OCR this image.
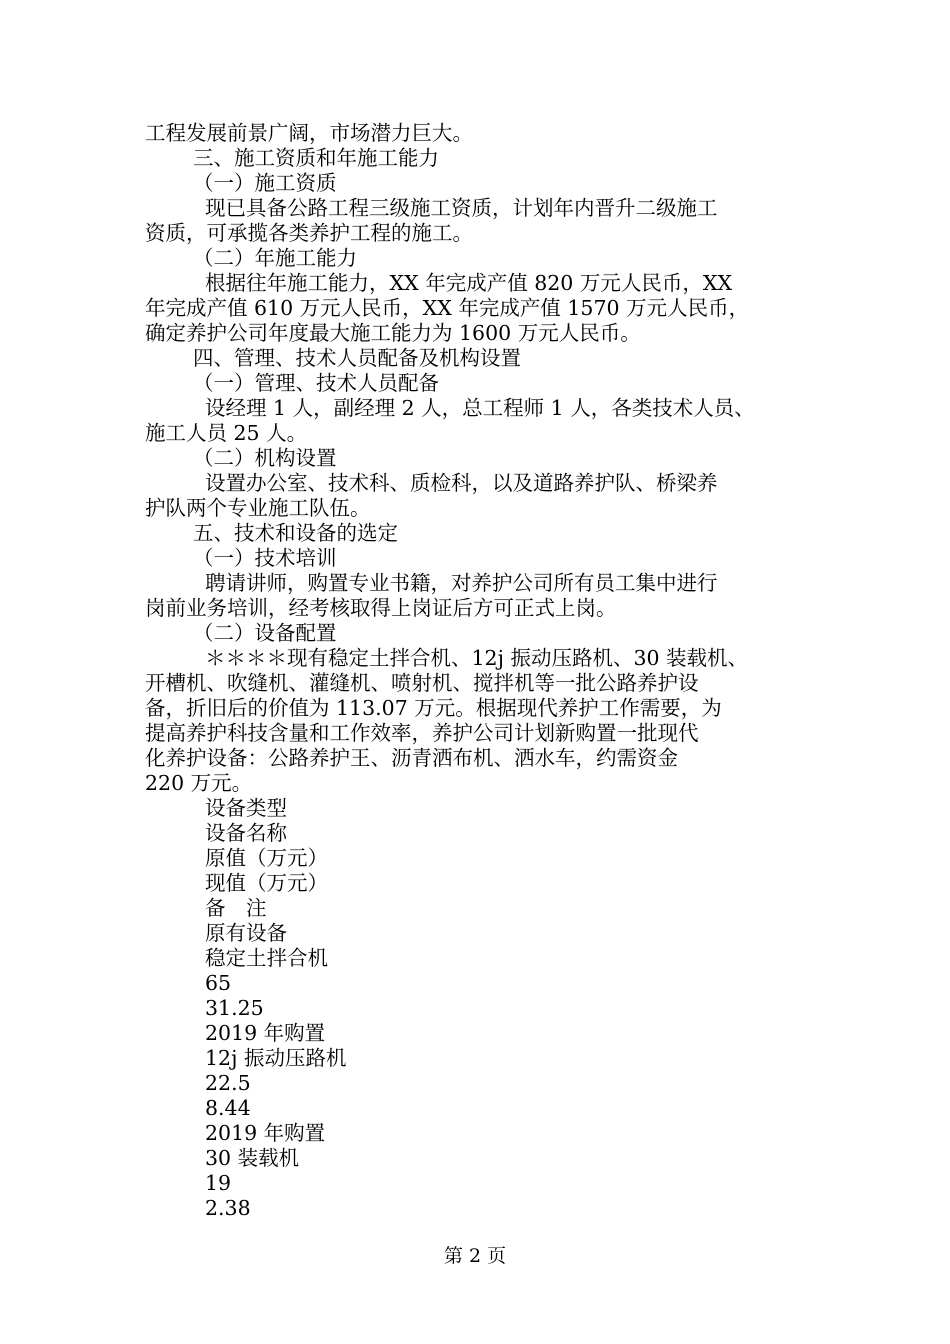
工程发展前景广阔，市场潜力巨大。
三、施工资质和年施工能力
（一）施工资质
现已具备公路工程三级施工资质，计划年内晋升二级施工
资质，可承揽各类养护工程的施工。
（二）年施工能力
根据往年施工能力，XX 年完成产值 820 万元人民币，XX
年完成产值 610 万元人民币，XX 年完成产值 1570 万元人民币，
确定养护公司年度最大施工能力为 1600 万元人民币。
四、管理、技术人员配备及机构设置
（一）管理、技术人员配备
设经理 1 人，副经理 2 人，总工程师 1 人，各类技术人员、
施工人员 25 人。
（二）机构设置
设置办公室、技术科、质检科，以及道路养护队、桥梁养
护队两个专业施工队伍。
五、技术和设备的选定
（一）技术培训
聘请讲师，购置专业书籍，对养护公司所有员工集中进行
岗前业务培训，经考核取得上岗证后方可正式上岗。
（二）设备配置
＊＊＊＊现有稳定土拌合机、12j 振动压路机、30 装载机、
开槽机、吹缝机、灌缝机、喷射机、搅拌机等一批公路养护设
备，折旧后的价值为 113.07 万元。根据现代养护工作需要，为
提高养护科技含量和工作效率，养护公司计划新购置一批现代
化养护设备：公路养护王、沥青洒布机、洒水车，约需资金
220 万元。
设备类型
设备名称
原值（万元）
现值（万元）
备　注
原有设备
稳定土拌合机
65
31.25
2019 年购置
12j 振动压路机
22.5
8.44
2019 年购置
30 装载机
19
2.38
第 2 页
